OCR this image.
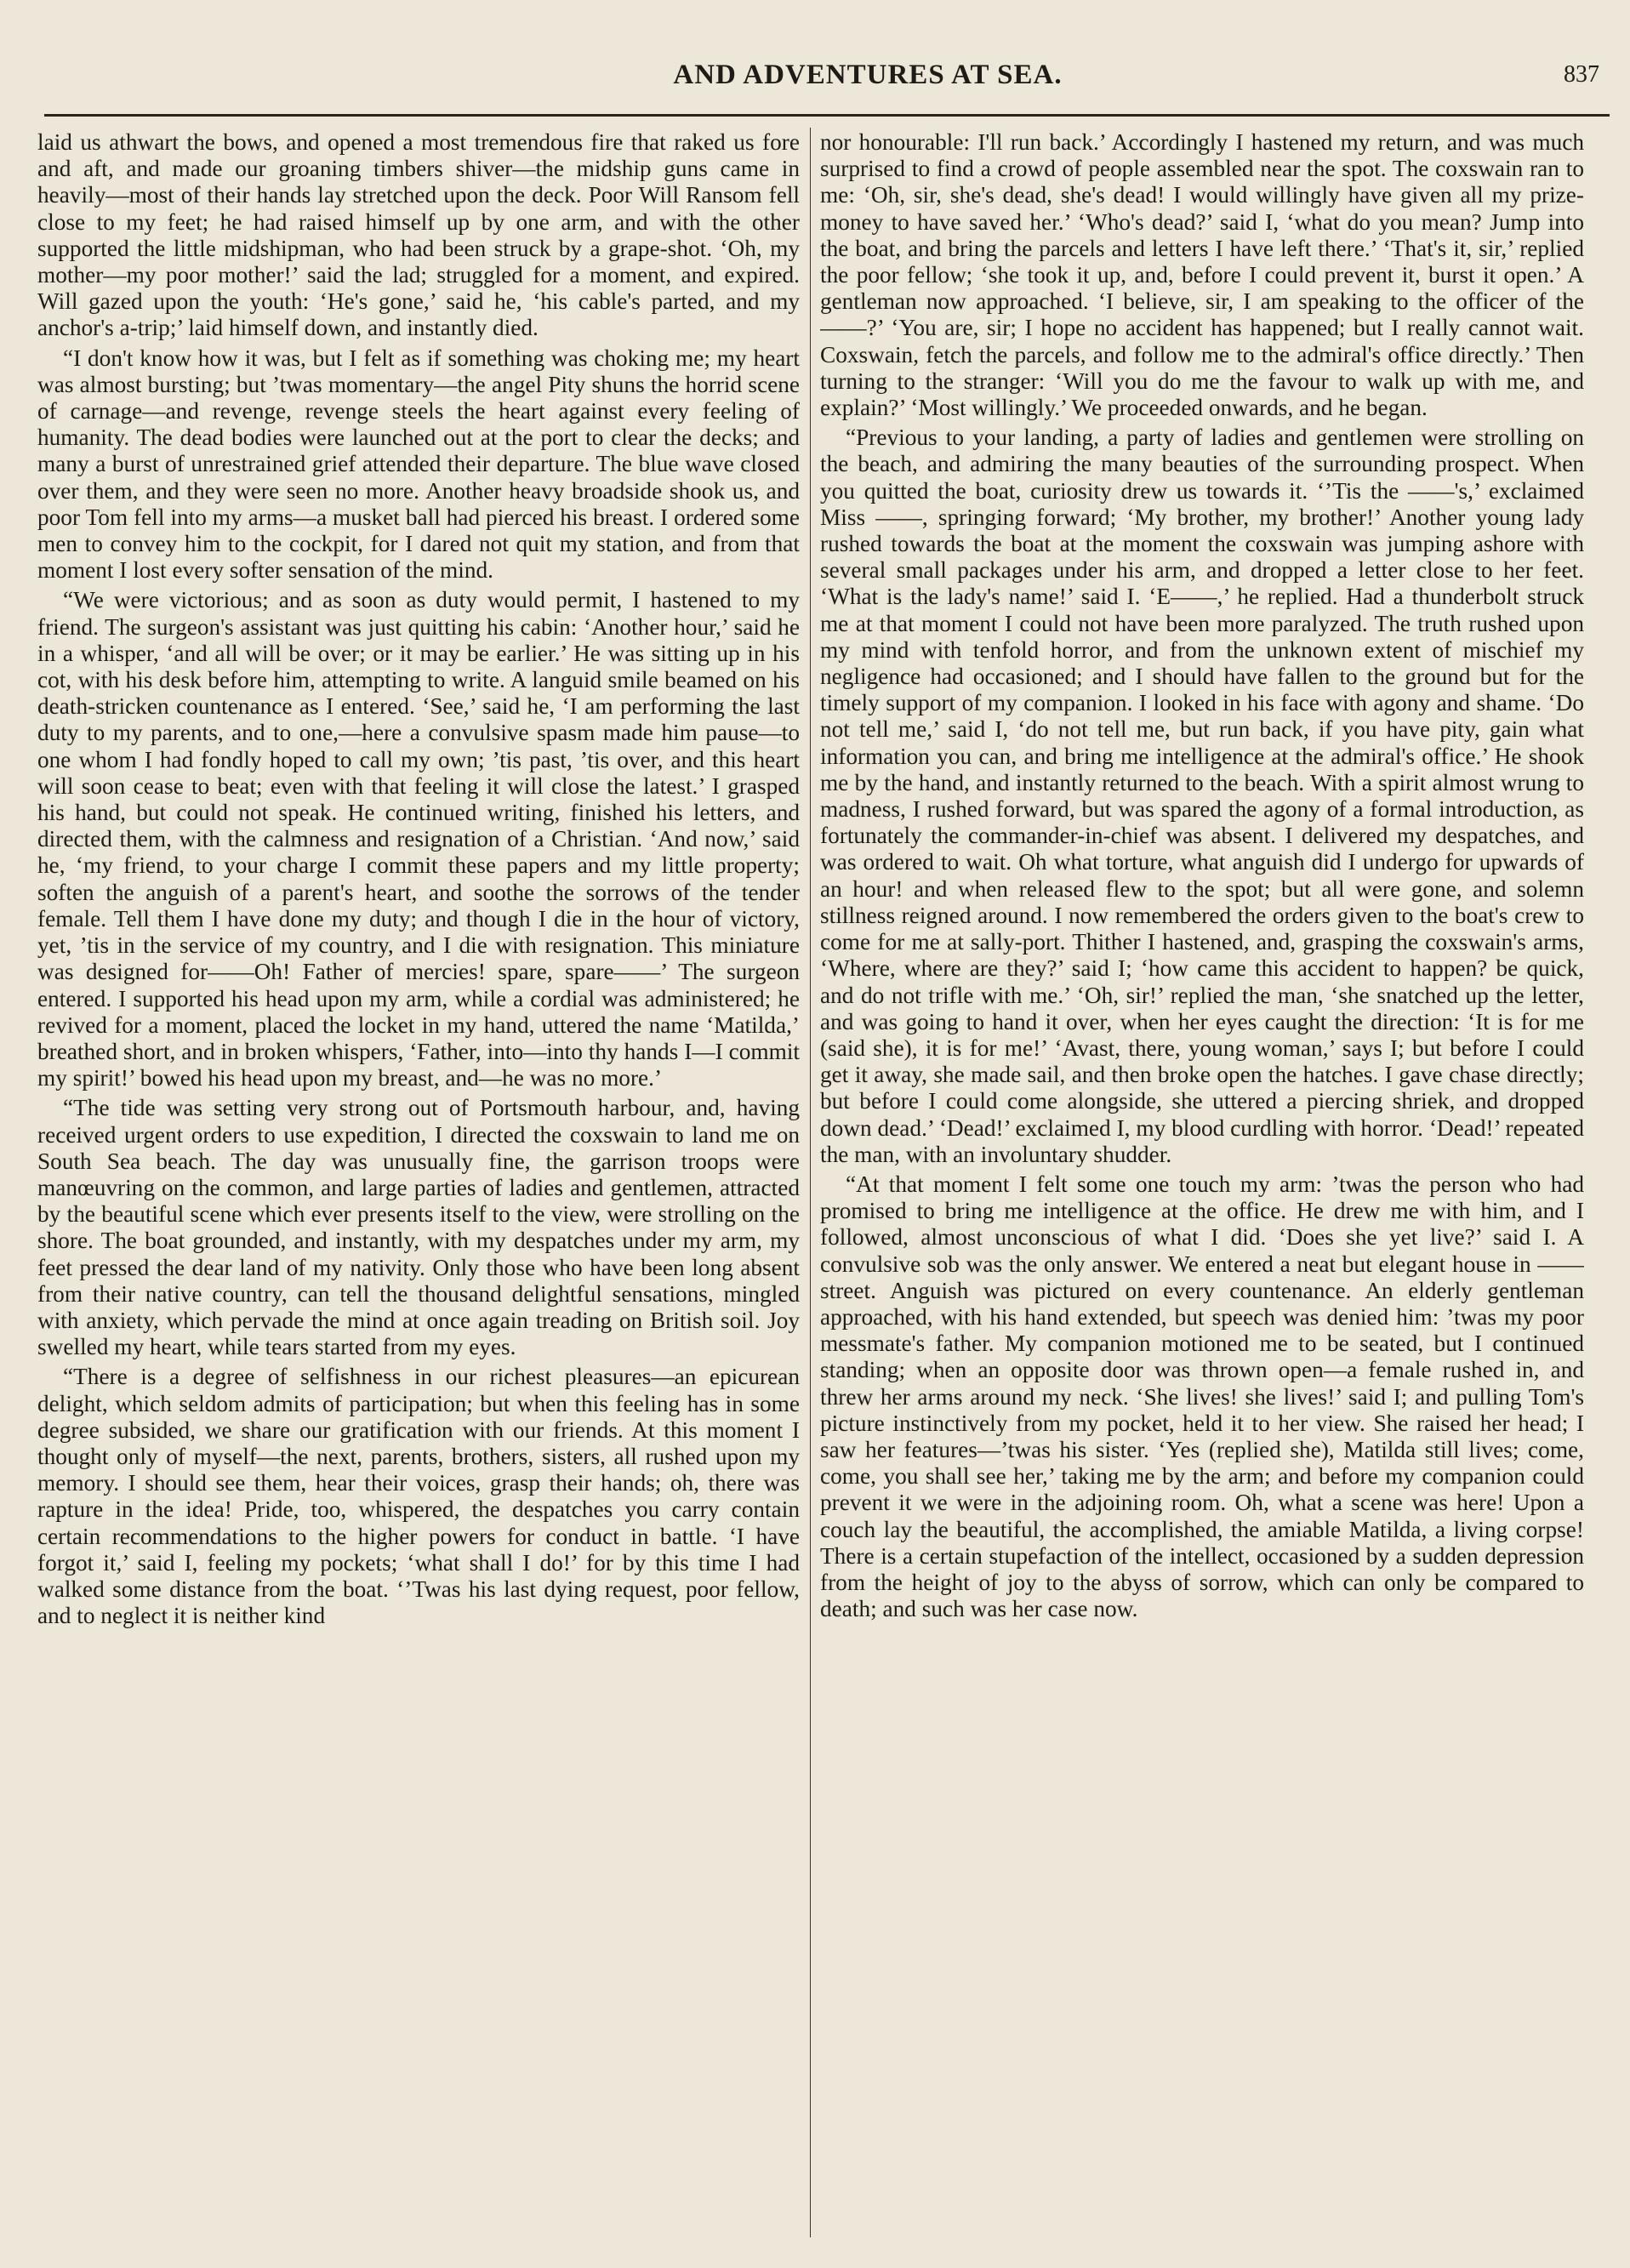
AND ADVENTURES AT SEA.	837

laid us athwart the bows, and opened a most tremendous fire that raked us fore and aft, and made our groaning timbers shiver—the midship guns came in heavily—most of their hands lay stretched upon the deck. Poor Will Ransom fell close to my feet; he had raised himself up by one arm, and with the other supported the little midshipman, who had been struck by a grape-shot. ‘Oh, my mother—my poor mother!’ said the lad; struggled for a moment, and expired. Will gazed upon the youth: ‘He's gone,’ said he, ‘his cable's parted, and my anchor's a-trip;’ laid himself down, and instantly died.

“I don't know how it was, but I felt as if something was choking me; my heart was almost bursting; but ’twas momentary—the angel Pity shuns the horrid scene of carnage—and revenge, revenge steels the heart against every feeling of humanity. The dead bodies were launched out at the port to clear the decks; and many a burst of unrestrained grief attended their departure. The blue wave closed over them, and they were seen no more. Another heavy broadside shook us, and poor Tom fell into my arms—a musket ball had pierced his breast. I ordered some men to convey him to the cockpit, for I dared not quit my station, and from that moment I lost every softer sensation of the mind.

“We were victorious; and as soon as duty would permit, I hastened to my friend. The surgeon's assistant was just quitting his cabin: ‘Another hour,’ said he in a whisper, ‘and all will be over; or it may be earlier.’ He was sitting up in his cot, with his desk before him, attempting to write. A languid smile beamed on his death-stricken countenance as I entered. ‘See,’ said he, ‘I am performing the last duty to my parents, and to one,—here a convulsive spasm made him pause—to one whom I had fondly hoped to call my own; ’tis past, ’tis over, and this heart will soon cease to beat; even with that feeling it will close the latest.’ I grasped his hand, but could not speak. He continued writing, finished his letters, and directed them, with the calmness and resignation of a Christian. ‘And now,’ said he, ‘my friend, to your charge I commit these papers and my little property; soften the anguish of a parent's heart, and soothe the sorrows of the tender female. Tell them I have done my duty; and though I die in the hour of victory, yet, ’tis in the service of my country, and I die with resignation. This miniature was designed for——Oh! Father of mercies! spare, spare——’ The surgeon entered. I supported his head upon my arm, while a cordial was administered; he revived for a moment, placed the locket in my hand, uttered the name ‘Matilda,’ breathed short, and in broken whispers, ‘Father, into—into thy hands I—I commit my spirit!’ bowed his head upon my breast, and—he was no more.’

“The tide was setting very strong out of Portsmouth harbour, and, having received urgent orders to use expedition, I directed the coxswain to land me on South Sea beach. The day was unusually fine, the garrison troops were manœuvring on the common, and large parties of ladies and gentlemen, attracted by the beautiful scene which ever presents itself to the view, were strolling on the shore. The boat grounded, and instantly, with my despatches under my arm, my feet pressed the dear land of my nativity. Only those who have been long absent from their native country, can tell the thousand delightful sensations, mingled with anxiety, which pervade the mind at once again treading on British soil. Joy swelled my heart, while tears started from my eyes.

“There is a degree of selfishness in our richest pleasures—an epicurean delight, which seldom admits of participation; but when this feeling has in some degree subsided, we share our gratification with our friends. At this moment I thought only of myself—the next, parents, brothers, sisters, all rushed upon my memory. I should see them, hear their voices, grasp their hands; oh, there was rapture in the idea! Pride, too, whispered, the despatches you carry contain certain recommendations to the higher powers for conduct in battle. ‘I have forgot it,’ said I, feeling my pockets; ‘what shall I do!’ for by this time I had walked some distance from the boat. ‘’Twas his last dying request, poor fellow, and to neglect it is neither kind

nor honourable: I'll run back.’ Accordingly I hastened my return, and was much surprised to find a crowd of people assembled near the spot. The coxswain ran to me: ‘Oh, sir, she's dead, she's dead! I would willingly have given all my prize-money to have saved her.’ ‘Who's dead?’ said I, ‘what do you mean? Jump into the boat, and bring the parcels and letters I have left there.’ ‘That's it, sir,’ replied the poor fellow; ‘she took it up, and, before I could prevent it, burst it open.’ A gentleman now approached. ‘I believe, sir, I am speaking to the officer of the ——?’ ‘You are, sir; I hope no accident has happened; but I really cannot wait. Coxswain, fetch the parcels, and follow me to the admiral's office directly.’ Then turning to the stranger: ‘Will you do me the favour to walk up with me, and explain?’ ‘Most willingly.’ We proceeded onwards, and he began.

“Previous to your landing, a party of ladies and gentlemen were strolling on the beach, and admiring the many beauties of the surrounding prospect. When you quitted the boat, curiosity drew us towards it. ‘’Tis the ——'s,’ exclaimed Miss ——, springing forward; ‘My brother, my brother!’ Another young lady rushed towards the boat at the moment the coxswain was jumping ashore with several small packages under his arm, and dropped a letter close to her feet. ‘What is the lady's name!’ said I. ‘E——,’ he replied. Had a thunderbolt struck me at that moment I could not have been more paralyzed. The truth rushed upon my mind with tenfold horror, and from the unknown extent of mischief my negligence had occasioned; and I should have fallen to the ground but for the timely support of my companion. I looked in his face with agony and shame. ‘Do not tell me,’ said I, ‘do not tell me, but run back, if you have pity, gain what information you can, and bring me intelligence at the admiral's office.’ He shook me by the hand, and instantly returned to the beach. With a spirit almost wrung to madness, I rushed forward, but was spared the agony of a formal introduction, as fortunately the commander-in-chief was absent. I delivered my despatches, and was ordered to wait. Oh what torture, what anguish did I undergo for upwards of an hour! and when released flew to the spot; but all were gone, and solemn stillness reigned around. I now remembered the orders given to the boat's crew to come for me at sally-port. Thither I hastened, and, grasping the coxswain's arms, ‘Where, where are they?’ said I; ‘how came this accident to happen? be quick, and do not trifle with me.’ ‘Oh, sir!’ replied the man, ‘she snatched up the letter, and was going to hand it over, when her eyes caught the direction: ‘It is for me (said she), it is for me!’ ‘Avast, there, young woman,’ says I; but before I could get it away, she made sail, and then broke open the hatches. I gave chase directly; but before I could come alongside, she uttered a piercing shriek, and dropped down dead.’ ‘Dead!’ exclaimed I, my blood curdling with horror. ‘Dead!’ repeated the man, with an involuntary shudder.

“At that moment I felt some one touch my arm: ’twas the person who had promised to bring me intelligence at the office. He drew me with him, and I followed, almost unconscious of what I did. ‘Does she yet live?’ said I. A convulsive sob was the only answer. We entered a neat but elegant house in —— street. Anguish was pictured on every countenance. An elderly gentleman approached, with his hand extended, but speech was denied him: ’twas my poor messmate's father. My companion motioned me to be seated, but I continued standing; when an opposite door was thrown open—a female rushed in, and threw her arms around my neck. ‘She lives! she lives!’ said I; and pulling Tom's picture instinctively from my pocket, held it to her view. She raised her head; I saw her features—’twas his sister. ‘Yes (replied she), Matilda still lives; come, come, you shall see her,’ taking me by the arm; and before my companion could prevent it we were in the adjoining room. Oh, what a scene was here! Upon a couch lay the beautiful, the accomplished, the amiable Matilda, a living corpse! There is a certain stupefaction of the intellect, occasioned by a sudden depression from the height of joy to the abyss of sorrow, which can only be compared to death; and such was her case now.
